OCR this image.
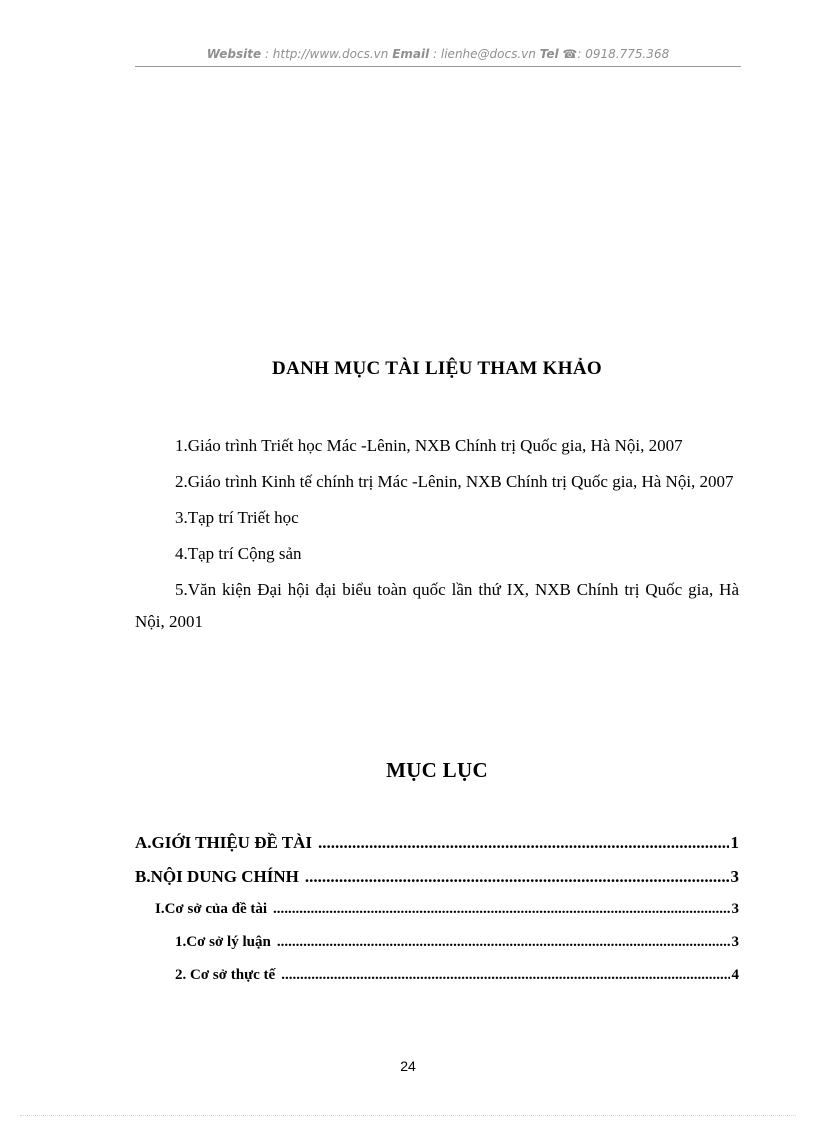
Website : http://www.docs.vn Email : lienhe@docs.vn Tel ☎: 0918.775.368
DANH MỤC TÀI LIỆU THAM KHẢO

1.Giáo trình Triết học Mác -Lênin, NXB Chính trị Quốc gia, Hà Nội, 2007

2.Giáo trình Kinh tế chính trị Mác -Lênin, NXB Chính trị Quốc gia, Hà Nội, 2007

3.Tạp trí Triết học

4.Tạp trí Cộng sản

5.Văn kiện Đại hội đại biểu toàn quốc lần thứ IX, NXB Chính trị Quốc gia, Hà Nội, 2001

MỤC LỤC
A.GIỚI THIỆU ĐỀ TÀI .....	1
B.NỘI DUNG CHÍNH .....	3
I.Cơ sở của đề tài .....	3
1.Cơ sở lý luận .....	3
2. Cơ sở thực tế .....	4
24
